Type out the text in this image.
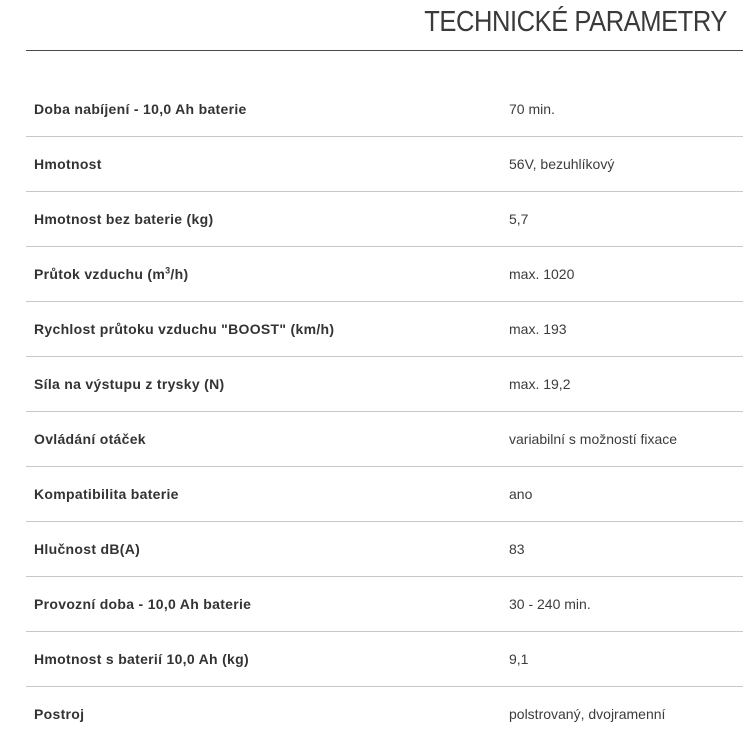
TECHNICKÉ PARAMETRY
Doba nabíjení - 10,0 Ah baterie	70 min.
Hmotnost	56V, bezuhlíkový
Hmotnost bez baterie (kg)	5,7
Průtok vzduchu $(m^3/h)$	max. 1020
Rychlost průtoku vzduchu "BOOST" (km/h)	max. 193
Síla na výstupu z trysky (N)	max. 19,2
Ovládání otáček	variabilní s možností fixace
Kompatibilita baterie	ano
Hlučnost dB(A)	83
Provozní doba - 10,0 Ah baterie	30 - 240 min.
Hmotnost s baterií 10,0 Ah (kg)	9,1
Postroj	polstrovaný, dvojramenní
